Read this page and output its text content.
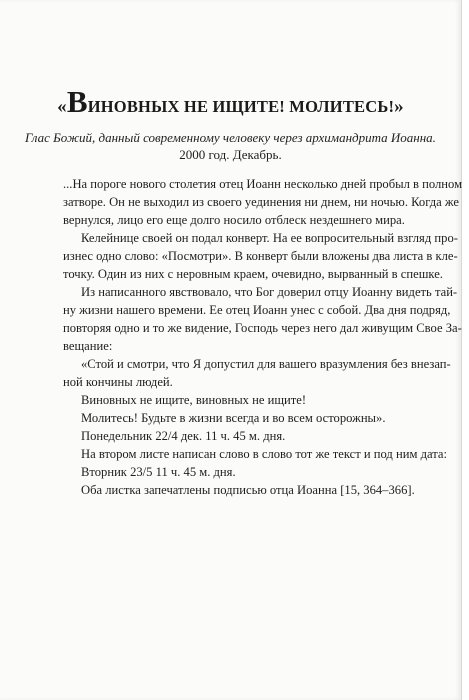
«ВИНОВНЫХ НЕ ИЩИТЕ! МОЛИТЕСЬ!»
Глас Божий, данный современному человеку через архимандрита Иоанна.
2000 год. Декабрь.
...На пороге нового столетия отец Иоанн несколько дней пробыл в полном
затворе. Он не выходил из своего уединения ни днем, ни ночью. Когда же
вернулся, лицо его еще долго носило отблеск нездешнего мира.
Келейнице своей он подал конверт. На ее вопросительный взгляд про-
изнес одно слово: «Посмотри». В конверт были вложены два листа в кле-
точку. Один из них с неровным краем, очевидно, вырванный в спешке.
Из написанного явствовало, что Бог доверил отцу Иоанну видеть тай-
ну жизни нашего времени. Ее отец Иоанн унес с собой. Два дня подряд,
повторяя одно и то же видение, Господь через него дал живущим Свое За-
вещание:
«Стой и смотри, что Я допустил для вашего вразумления без внезап-
ной кончины людей.
Виновных не ищите, виновных не ищите!
Молитесь! Будьте в жизни всегда и во всем осторожны».
Понедельник 22/4 дек. 11 ч. 45 м. дня.
На втором листе написан слово в слово тот же текст и под ним дата:
Вторник 23/5 11 ч. 45 м. дня.
Оба листка запечатлены подписью отца Иоанна [15, 364–366].
